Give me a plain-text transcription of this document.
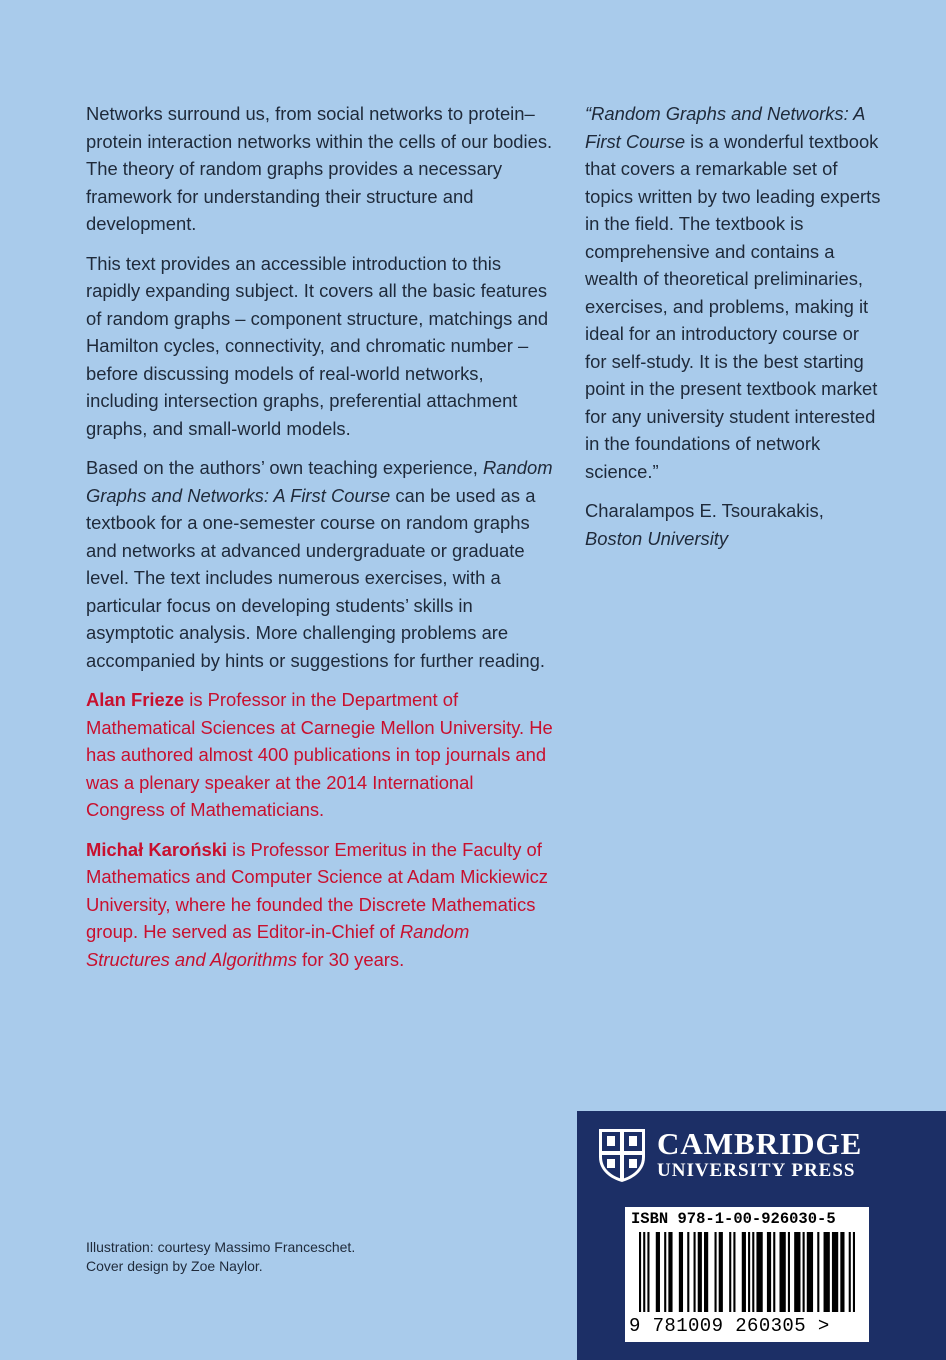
Networks surround us, from social networks to protein–protein interaction networks within the cells of our bodies. The theory of random graphs provides a necessary framework for understanding their structure and development.

This text provides an accessible introduction to this rapidly expanding subject. It covers all the basic features of random graphs – component structure, matchings and Hamilton cycles, connectivity, and chromatic number – before discussing models of real-world networks, including intersection graphs, preferential attachment graphs, and small-world models.

Based on the authors’ own teaching experience, Random Graphs and Networks: A First Course can be used as a textbook for a one-semester course on random graphs and networks at advanced undergraduate or graduate level. The text includes numerous exercises, with a particular focus on developing students’ skills in asymptotic analysis. More challenging problems are accompanied by hints or suggestions for further reading.

Alan Frieze is Professor in the Department of Mathematical Sciences at Carnegie Mellon University. He has authored almost 400 publications in top journals and was a plenary speaker at the 2014 International Congress of Mathematicians.

Michał Karoński is Professor Emeritus in the Faculty of Mathematics and Computer Science at Adam Mickiewicz University, where he founded the Discrete Mathematics group. He served as Editor-in-Chief of Random Structures and Algorithms for 30 years.

“Random Graphs and Networks: A First Course is a wonderful textbook that covers a remarkable set of topics written by two leading experts in the field. The textbook is comprehensive and contains a wealth of theoretical preliminaries, exercises, and problems, making it ideal for an introductory course or for self-study. It is the best starting point in the present textbook market for any university student interested in the foundations of network science.”

Charalampos E. Tsourakakis,
Boston University

Illustration: courtesy Massimo Franceschet.
Cover design by Zoe Naylor.
CAMBRIDGE
UNIVERSITY PRESS
ISBN 978-1-00-926030-5
9 781009 260305 >
